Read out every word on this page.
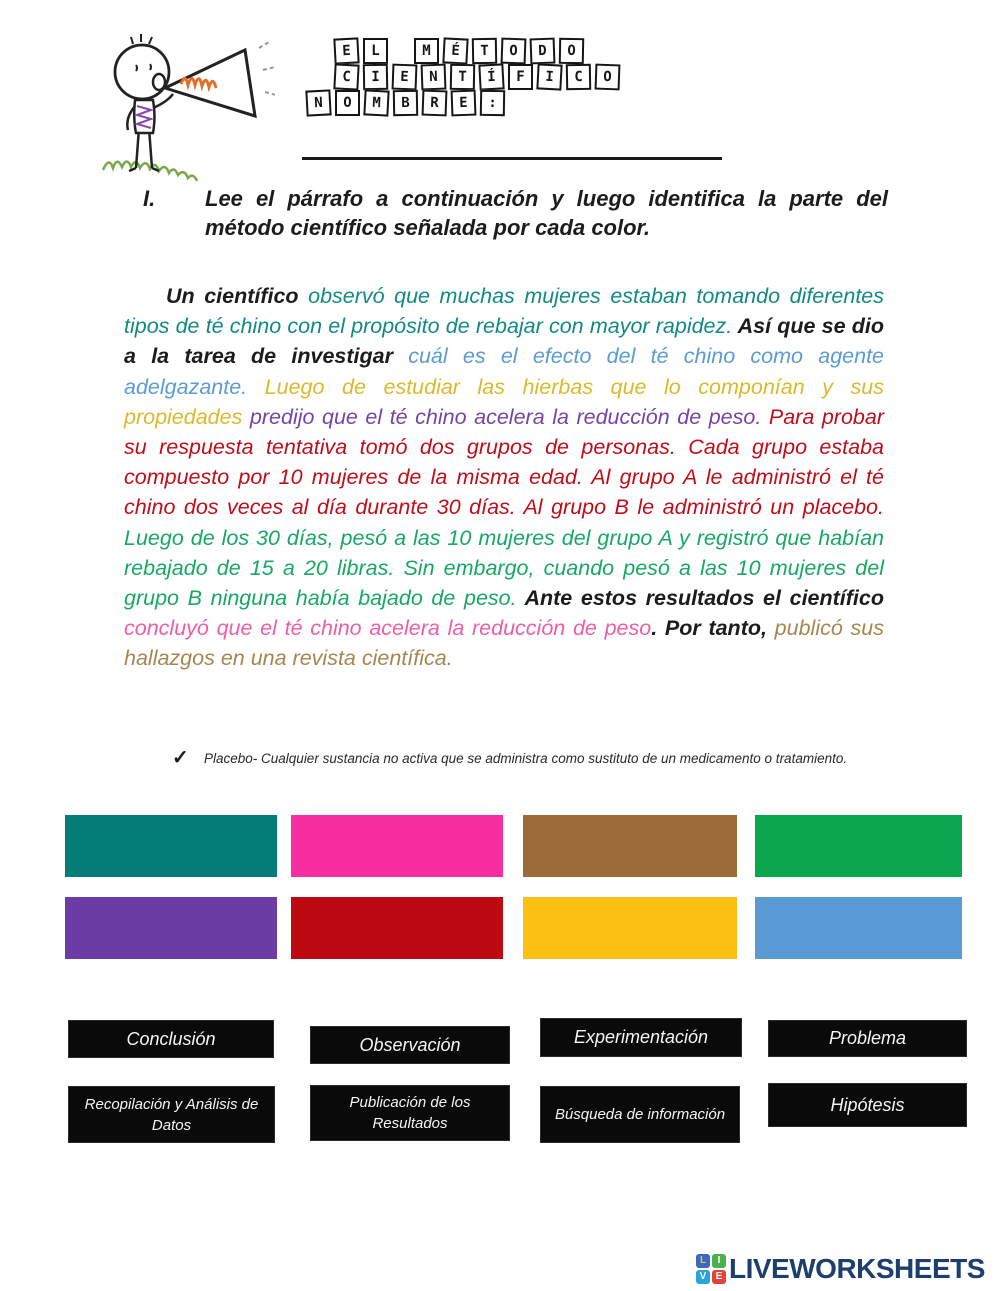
E L	M É T O D OC I E N T Í F I C O
N O M B R E :
I.	Lee el párrafo a continuación y luego identifica la parte del método científico señalada por cada color.
Un científico observó que muchas mujeres estaban tomando diferentes tipos de té chino con el propósito de rebajar con mayor rapidez. Así que se dio a la tarea de investigar cuál es el efecto del té chino como agente adelgazante. Luego de estudiar las hierbas que lo componían y sus propiedades predijo que el té chino acelera la reducción de peso. Para probar su respuesta tentativa tomó dos grupos de personas. Cada grupo estaba compuesto por 10 mujeres de la misma edad. Al grupo A le administró el té chino dos veces al día durante 30 días. Al grupo B le administró un placebo. Luego de los 30 días, pesó a las 10 mujeres del grupo A y registró que habían rebajado de 15 a 20 libras. Sin embargo, cuando pesó a las 10 mujeres del grupo B ninguna había bajado de peso. Ante estos resultados el científico concluyó que el té chino acelera la reducción de peso. Por tanto, publicó sus hallazgos en una revista científica.
✓ Placebo- Cualquier sustancia no activa que se administra como sustituto de un medicamento o tratamiento.
Conclusión	Observación	Experimentación	Problema
Recopilación y Análisis de Datos
Publicación de los Resultados
Búsqueda de información	Hipótesis
L	I
V E LIVEWORKSHEETS
